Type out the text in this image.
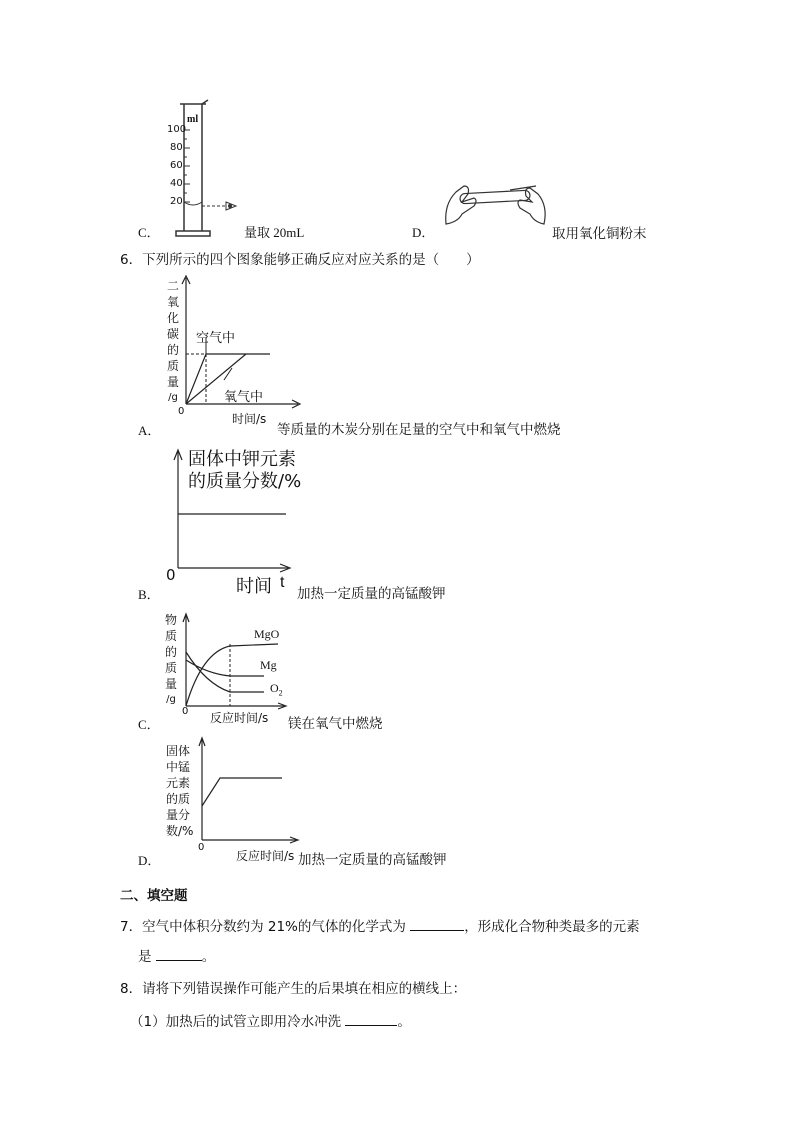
ml
100
80
60
40
20
C．	量取 20mL	D．	取用氧化铜粉末
6．下列所示的四个图象能够正确反应对应关系的是（　　）
二
氧
化
碳
的
质
量
/g
空气中
氧气中
0
时间/s
A．	等质量的木炭分别在足量的空气中和氧气中燃烧
固体中钾元素
的质量分数/%
0
时间 t
B．	加热一定质量的高锰酸钾
物
质
的
质
量
/g
MgO
Mg
$O_2$
0 反应时间/s
C．	镁在氧气中燃烧
固体
中锰
元素
的质
量分
数/%
0
反应时间/s
D．	加热一定质量的高锰酸钾
二、填空题
7．空气中体积分数约为 21%的气体的化学式为	，形成化合物种类最多的元素
是	。
8．请将下列错误操作可能产生的后果填在相应的横线上：
（1）加热后的试管立即用冷水冲洗	。
